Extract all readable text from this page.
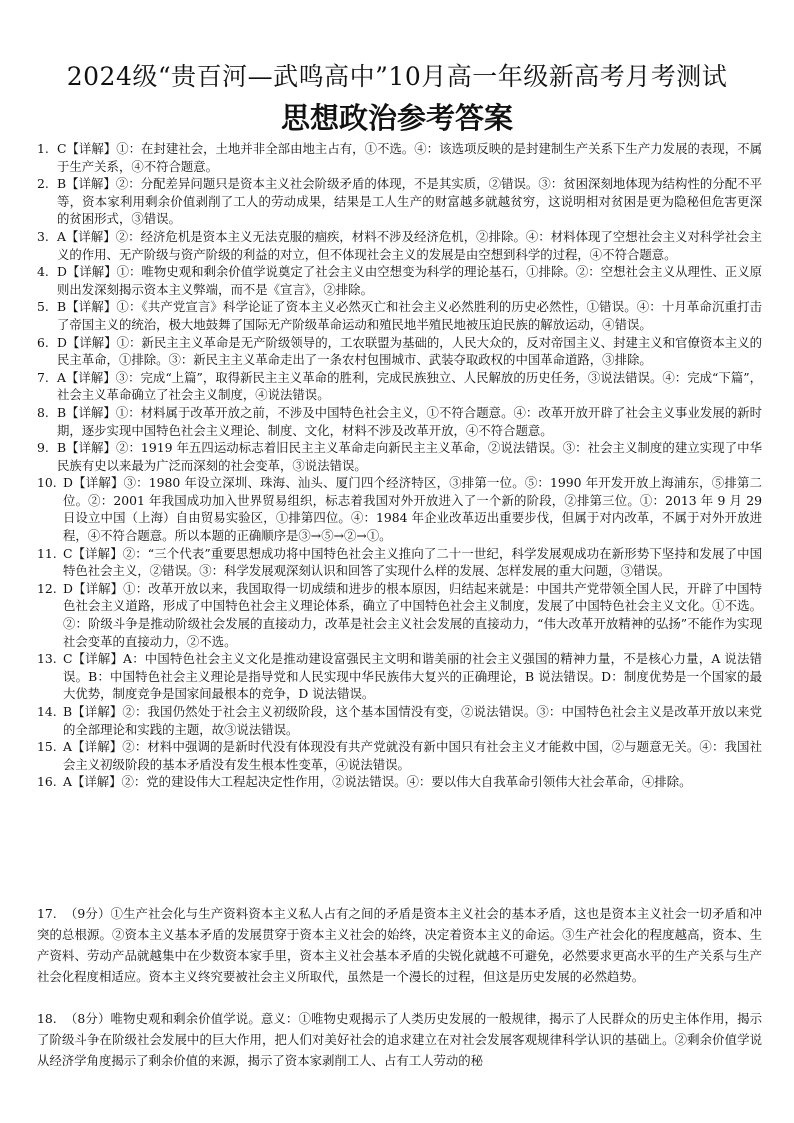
2024级“贵百河—武鸣高中”10月高一年级新高考月考测试
思想政治参考答案

1. C【详解】①：在封建社会，土地并非全部由地主占有，①不选。④：该选项反映的是封建制生产关系下生产力发展的表现，不属于生产关系，④不符合题意。

2. B【详解】②：分配差异问题只是资本主义社会阶级矛盾的体现，不是其实质，②错误。③：贫困深刻地体现为结构性的分配不平等，资本家利用剩余价值剥削了工人的劳动成果，结果是工人生产的财富越多就越贫穷，这说明相对贫困是更为隐秘但危害更深的贫困形式，③错误。

3. A【详解】②：经济危机是资本主义无法克服的痼疾，材料不涉及经济危机，②排除。④：材料体现了空想社会主义对科学社会主义的作用、无产阶级与资产阶级的利益的对立，但不体现社会主义的发展是由空想到科学的过程，④不符合题意。

4. D【详解】①：唯物史观和剩余价值学说奠定了社会主义由空想变为科学的理论基石，①排除。②：空想社会主义从理性、正义原则出发深刻揭示资本主义弊端，而不是《宣言》，②排除。

5. B【详解】①：《共产党宣言》科学论证了资本主义必然灭亡和社会主义必然胜利的历史必然性，①错误。④：十月革命沉重打击了帝国主义的统治，极大地鼓舞了国际无产阶级革命运动和殖民地半殖民地被压迫民族的解放运动，④错误。

6. D【详解】①：新民主主义革命是无产阶级领导的，工农联盟为基础的，人民大众的，反对帝国主义、封建主义和官僚资本主义的民主革命，①排除。③：新民主主义革命走出了一条农村包围城市、武装夺取政权的中国革命道路，③排除。

7. A【详解】③：完成“上篇”，取得新民主主义革命的胜利，完成民族独立、人民解放的历史任务，③说法错误。④：完成“下篇”，社会主义革命确立了社会主义制度，④说法错误。

8. B【详解】①：材料属于改革开放之前，不涉及中国特色社会主义，①不符合题意。④：改革开放开辟了社会主义事业发展的新时期，逐步实现中国特色社会主义理论、制度、文化，材料不涉及改革开放，④不符合题意。

9. B【详解】②：1919 年五四运动标志着旧民主主义革命走向新民主主义革命，②说法错误。③：社会主义制度的建立实现了中华民族有史以来最为广泛而深刻的社会变革，③说法错误。

10. D【详解】③：1980 年设立深圳、珠海、汕头、厦门四个经济特区，③排第一位。⑤：1990 年开发开放上海浦东，⑤排第二位。②：2001 年我国成功加入世界贸易组织，标志着我国对外开放进入了一个新的阶段，②排第三位。①：2013 年 9 月 29 日设立中国（上海）自由贸易实验区，①排第四位。④：1984 年企业改革迈出重要步伐，但属于对内改革，不属于对外开放进程，④不符合题意。所以本题的正确顺序是③→⑤→②→①。

11. C【详解】②：“三个代表”重要思想成功将中国特色社会主义推向了二十一世纪，科学发展观成功在新形势下坚持和发展了中国特色社会主义，②错误。③：科学发展观深刻认识和回答了实现什么样的发展、怎样发展的重大问题，③错误。

12. D【详解】①：改革开放以来，我国取得一切成绩和进步的根本原因，归结起来就是：中国共产党带领全国人民，开辟了中国特色社会主义道路，形成了中国特色社会主义理论体系，确立了中国特色社会主义制度，发展了中国特色社会主义文化。①不选。②：阶级斗争是推动阶级社会发展的直接动力，改革是社会主义社会发展的直接动力，“伟大改革开放精神的弘扬”不能作为实现社会变革的直接动力，②不选。

13. C【详解】A：中国特色社会主义文化是推动建设富强民主文明和谐美丽的社会主义强国的精神力量，不是核心力量，A 说法错误。B：中国特色社会主义理论是指导党和人民实现中华民族伟大复兴的正确理论，B 说法错误。D：制度优势是一个国家的最大优势，制度竞争是国家间最根本的竞争，D 说法错误。

14. B【详解】②：我国仍然处于社会主义初级阶段，这个基本国情没有变，②说法错误。③：中国特色社会主义是改革开放以来党的全部理论和实践的主题，故③说法错误。

15. A【详解】②：材料中强调的是新时代没有体现没有共产党就没有新中国只有社会主义才能救中国，②与题意无关。④：我国社会主义初级阶段的基本矛盾没有发生根本性变革，④说法错误。

16. A【详解】②：党的建设伟大工程起决定性作用，②说法错误。④：要以伟大自我革命引领伟大社会革命，④排除。

17. （9分）①生产社会化与生产资料资本主义私人占有之间的矛盾是资本主义社会的基本矛盾，这也是资本主义社会一切矛盾和冲突的总根源。②资本主义基本矛盾的发展贯穿于资本主义社会的始终，决定着资本主义的命运。③生产社会化的程度越高，资本、生产资料、劳动产品就越集中在少数资本家手里，资本主义社会基本矛盾的尖锐化就越不可避免，必然要求更高水平的生产关系与生产社会化程度相适应。资本主义终究要被社会主义所取代，虽然是一个漫长的过程，但这是历史发展的必然趋势。

18. （8分）唯物史观和剩余价值学说。意义：①唯物史观揭示了人类历史发展的一般规律，揭示了人民群众的历史主体作用，揭示了阶级斗争在阶级社会发展中的巨大作用，把人们对美好社会的追求建立在对社会发展客观规律科学认识的基础上。②剩余价值学说从经济学角度揭示了剩余价值的来源，揭示了资本家剥削工人、占有工人劳动的秘
